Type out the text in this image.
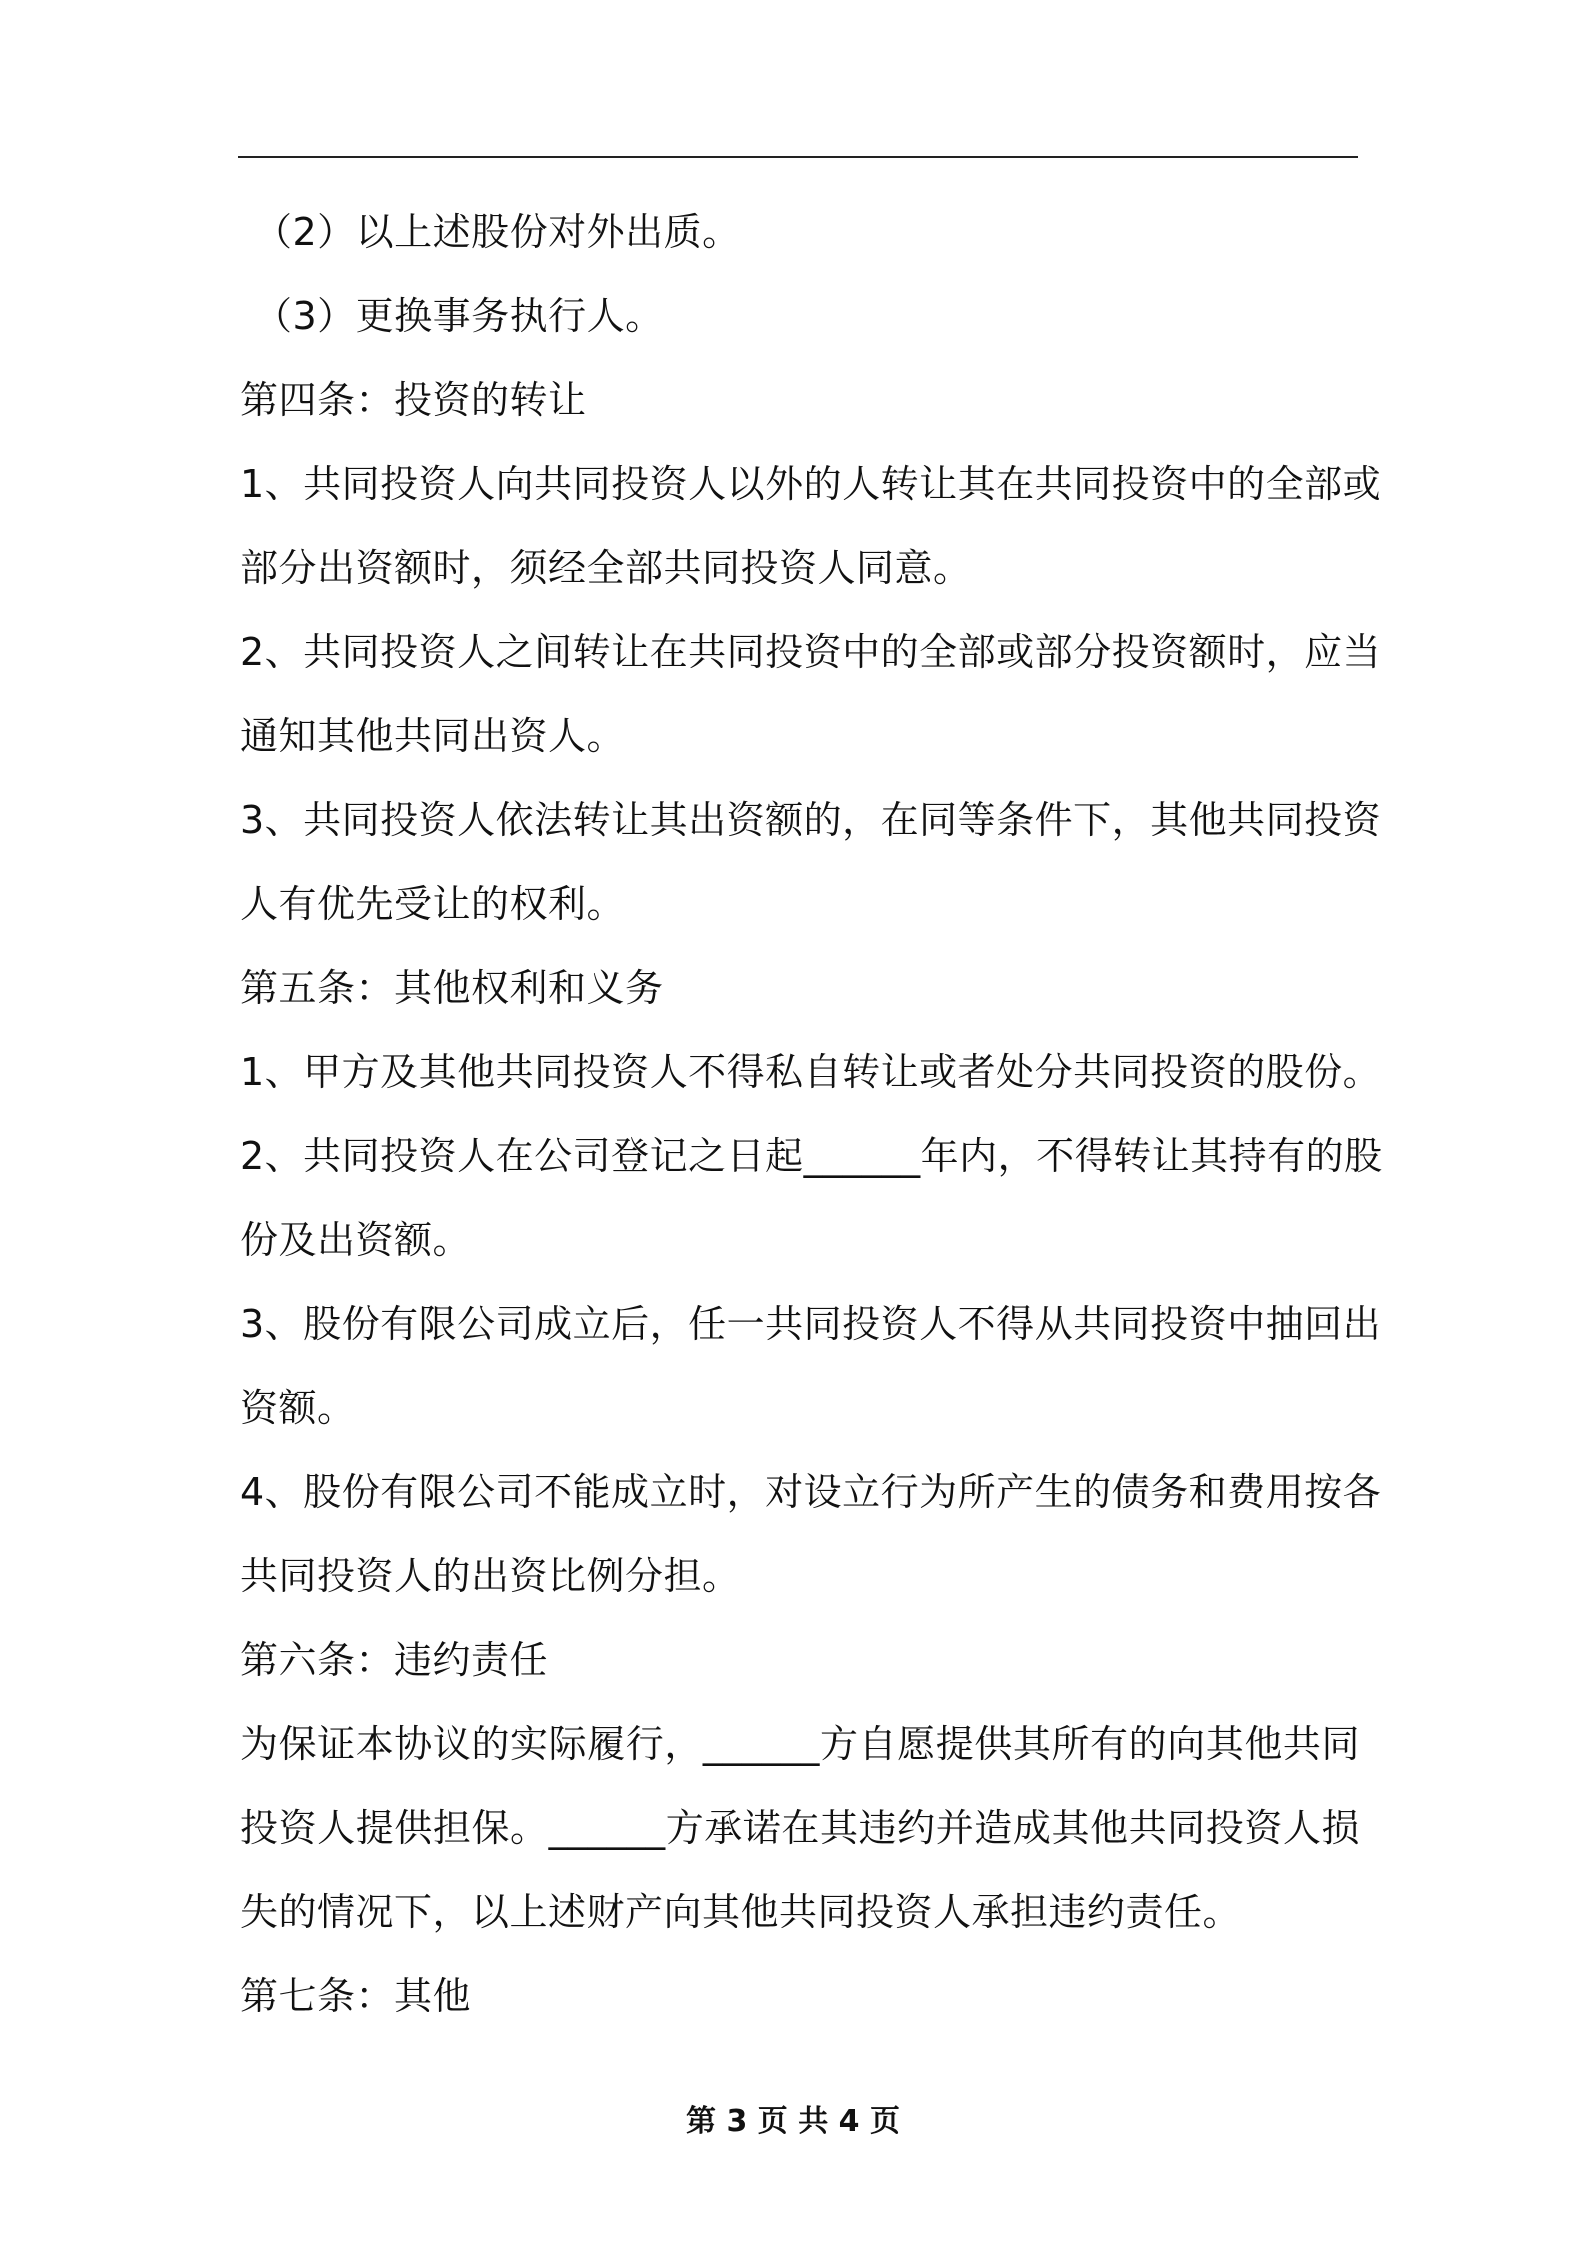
（2）以上述股份对外出质。
（3）更换事务执行人。
第四条：投资的转让
1、共同投资人向共同投资人以外的人转让其在共同投资中的全部或
部分出资额时，须经全部共同投资人同意。
2、共同投资人之间转让在共同投资中的全部或部分投资额时，应当
通知其他共同出资人。
3、共同投资人依法转让其出资额的，在同等条件下，其他共同投资
人有优先受让的权利。
第五条：其他权利和义务
1、甲方及其他共同投资人不得私自转让或者处分共同投资的股份。
2、共同投资人在公司登记之日起______年内，不得转让其持有的股
份及出资额。
3、股份有限公司成立后，任一共同投资人不得从共同投资中抽回出
资额。
4、股份有限公司不能成立时，对设立行为所产生的债务和费用按各
共同投资人的出资比例分担。
第六条：违约责任
为保证本协议的实际履行，______方自愿提供其所有的向其他共同
投资人提供担保。______方承诺在其违约并造成其他共同投资人损
失的情况下，以上述财产向其他共同投资人承担违约责任。
第七条：其他
第 3 页 共 4 页
